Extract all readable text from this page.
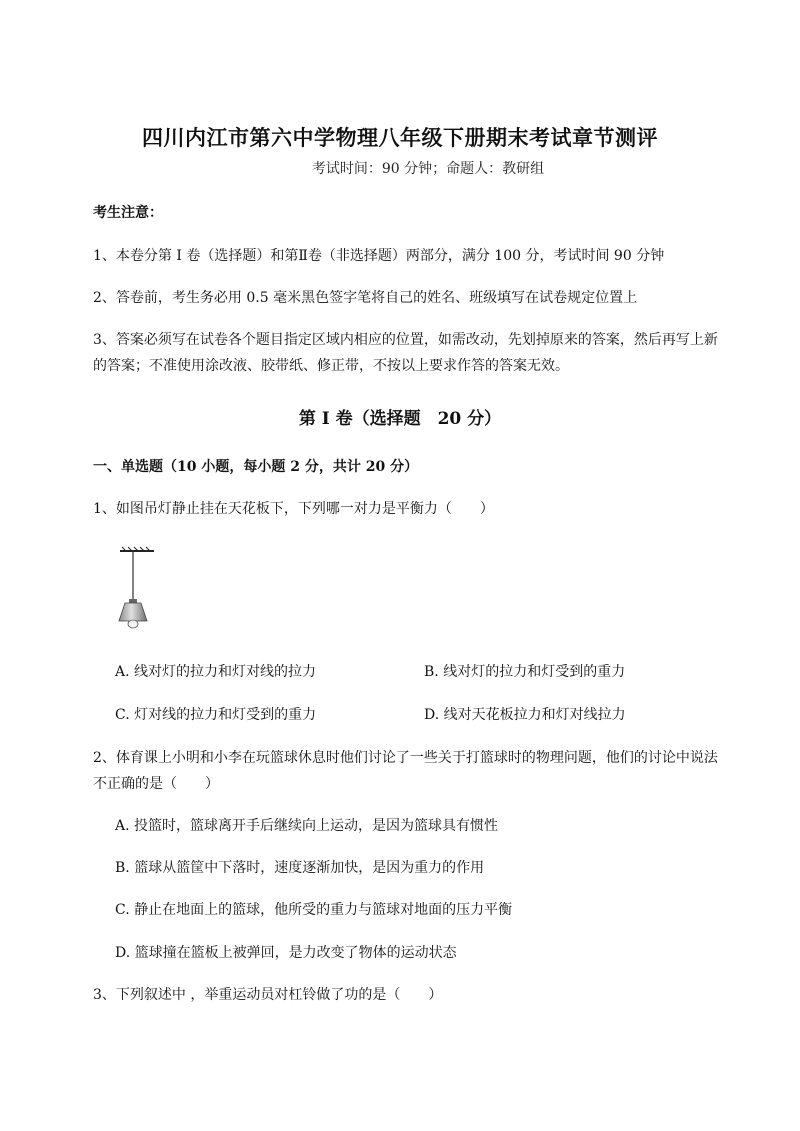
四川内江市第六中学物理八年级下册期末考试章节测评
考试时间：90 分钟；命题人：教研组
考生注意：
1、本卷分第 I 卷（选择题）和第Ⅱ卷（非选择题）两部分，满分 100 分，考试时间 90 分钟
2、答卷前，考生务必用 0.5 毫米黑色签字笔将自己的姓名、班级填写在试卷规定位置上
3、答案必须写在试卷各个题目指定区域内相应的位置，如需改动，先划掉原来的答案，然后再写上新
的答案；不准使用涂改液、胶带纸、修正带，不按以上要求作答的答案无效。
第 I 卷（选择题　20 分）
一、单选题（10 小题，每小题 2 分，共计 20 分）
1、如图吊灯静止挂在天花板下，下列哪一对力是平衡力（　　）
A. 线对灯的拉力和灯对线的拉力	B. 线对灯的拉力和灯受到的重力
C. 灯对线的拉力和灯受到的重力	D. 线对天花板拉力和灯对线拉力
2、体育课上小明和小李在玩篮球休息时他们讨论了一些关于打篮球时的物理问题，他们的讨论中说法
不正确的是（　　）
A. 投篮时，篮球离开手后继续向上运动，是因为篮球具有惯性
B. 篮球从篮筐中下落时，速度逐渐加快，是因为重力的作用
C. 静止在地面上的篮球，他所受的重力与篮球对地面的压力平衡
D. 篮球撞在篮板上被弹回，是力改变了物体的运动状态
3、下列叙述中 ，举重运动员对杠铃做了功的是（　　）
